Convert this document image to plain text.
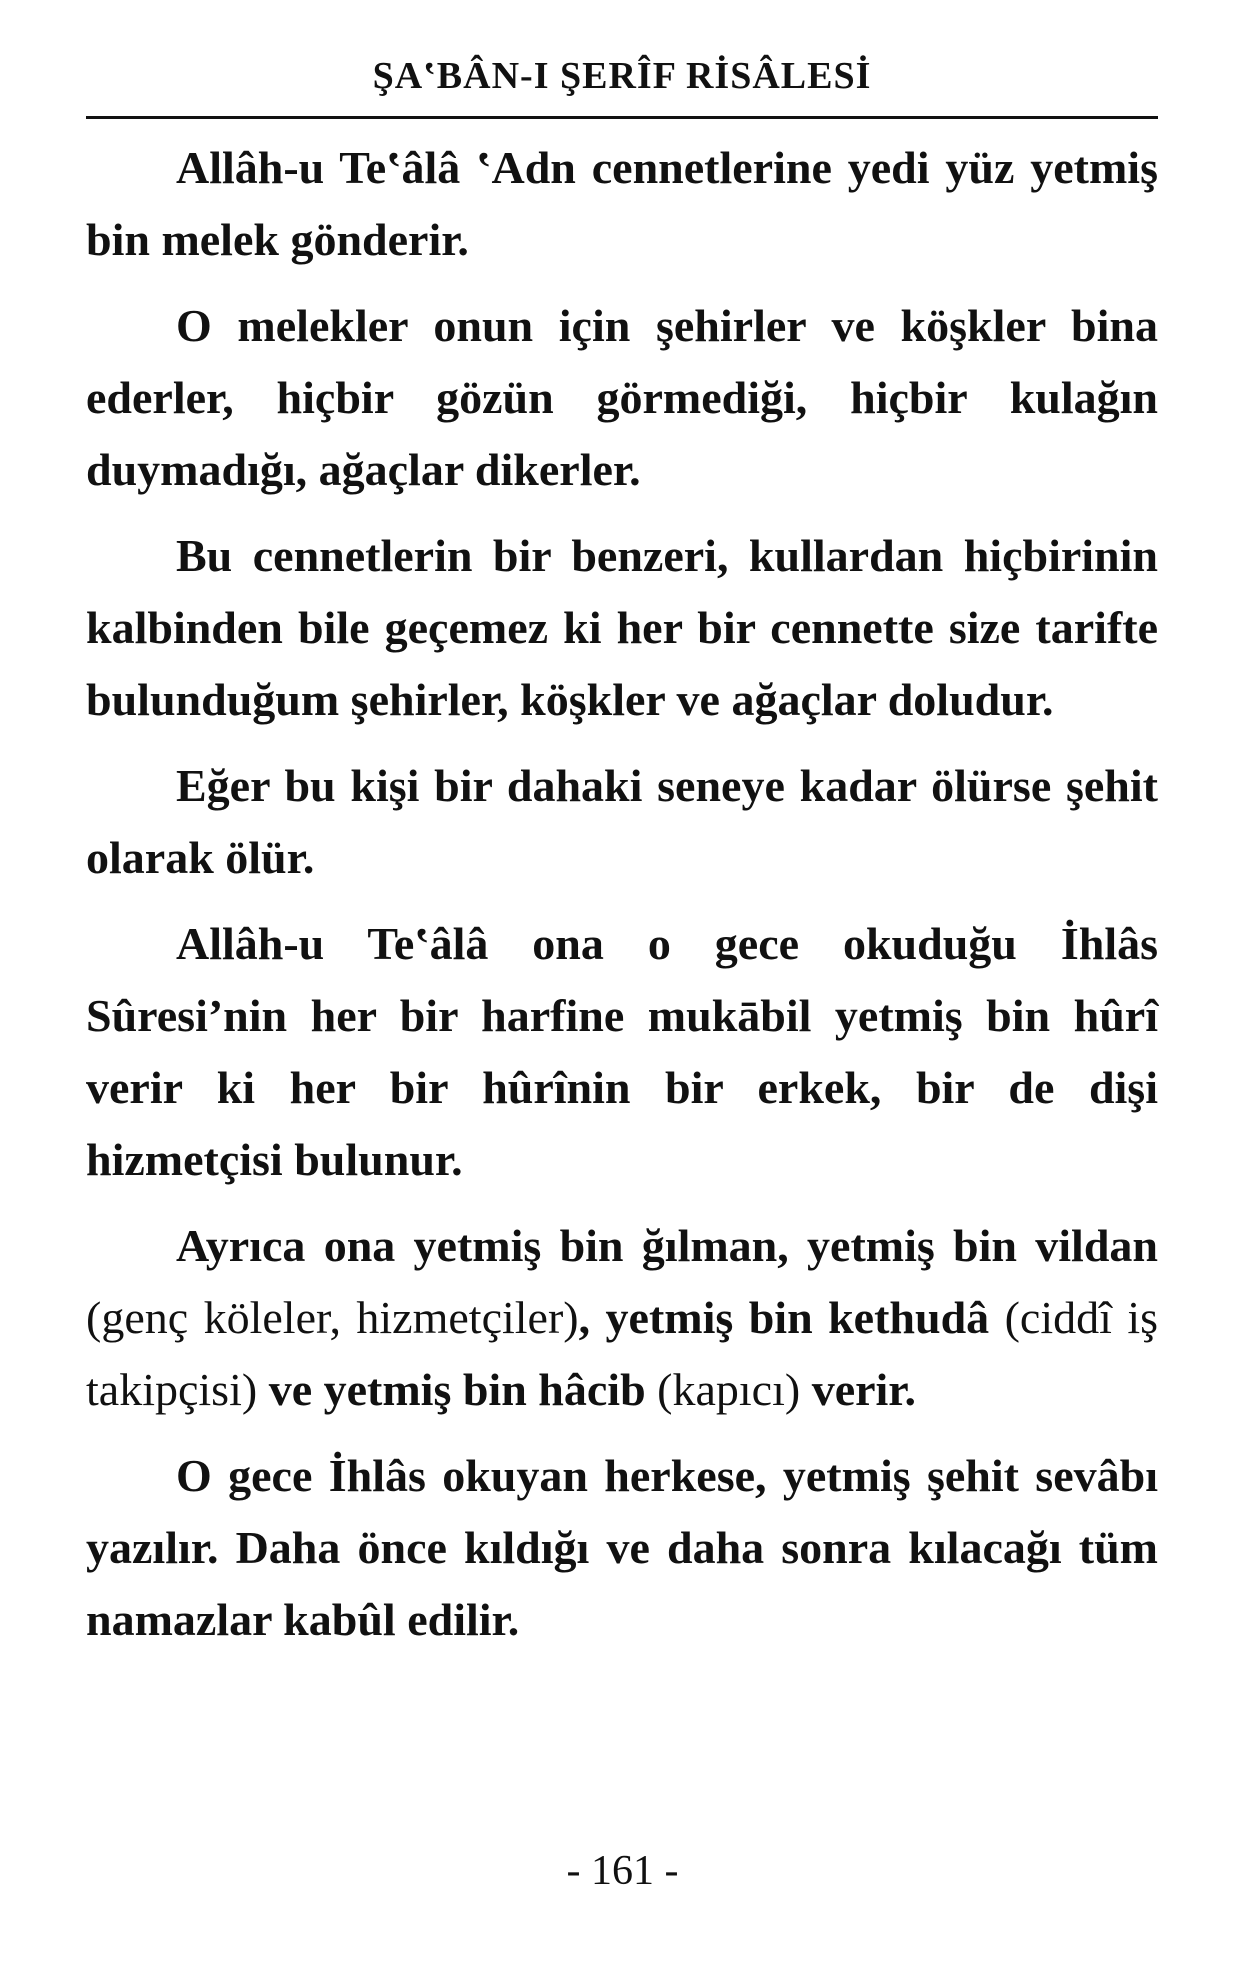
ŞA‛BÂN-I ŞERÎF RİSÂLESİ

Allâh-u Te‛âlâ ‛Adn cennetlerine yedi yüz yetmiş bin melek gönderir.

O melekler onun için şehirler ve köşkler bina ederler, hiçbir gözün görmediği, hiçbir kulağın duymadığı, ağaçlar dikerler.

Bu cennetlerin bir benzeri, kullardan hiçbirinin kalbinden bile geçemez ki her bir cennette size tarifte bulunduğum şehirler, köşkler ve ağaçlar doludur.

Eğer bu kişi bir dahaki seneye kadar ölürse şehit olarak ölür.

Allâh-u Te‛âlâ ona o gece okuduğu İhlâs Sûresi’nin her bir harfine mukābil yetmiş bin hûrî verir ki her bir hûrînin bir erkek, bir de dişi hizmetçisi bulunur.

Ayrıca ona yetmiş bin ğılman, yetmiş bin vildan (genç köleler, hizmetçiler), yetmiş bin kethudâ (ciddî iş takipçisi) ve yetmiş bin hâcib (kapıcı) verir.

O gece İhlâs okuyan herkese, yetmiş şehit sevâbı yazılır. Daha önce kıldığı ve daha sonra kılacağı tüm namazlar kabûl edilir.

- 161 -
